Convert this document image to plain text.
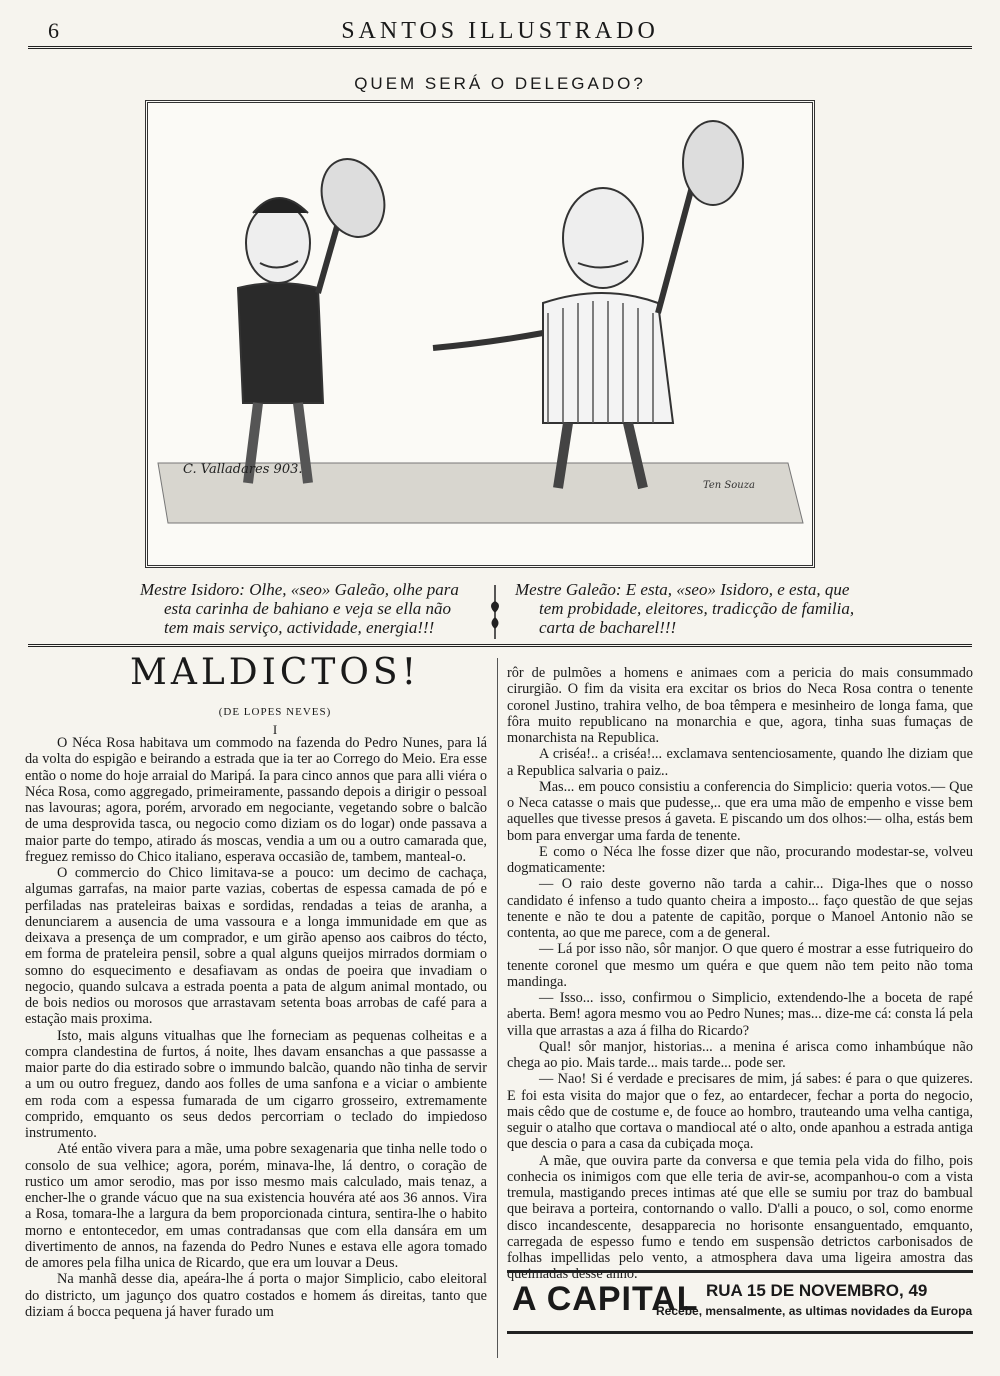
6	SANTOS ILLUSTRADO
QUEM SERÁ O DELEGADO?
C. Valladares 903.
Ten Souza
Mestre Isidoro: Olhe, «seo» Galeão, olhe para
esta carinha de bahiano e veja se ella não
tem mais serviço, actividade, energia!!!
Mestre Galeão: E esta, «seo» Isidoro, e esta, que
tem probidade, eleitores, tradicção de familia,
carta de bacharel!!!
MALDICTOS!
(DE LOPES NEVES)
I

O Néca Rosa habitava um commodo na fazenda do Pedro Nunes, para lá da volta do espigão e beirando a estrada que ia ter ao Corrego do Meio. Era esse então o nome do hoje arraial do Maripá. Ia para cinco annos que para alli viéra o Néca Rosa, como aggregado, primeiramente, passando depois a dirigir o pessoal nas lavouras; agora, porém, arvorado em negociante, vegetando sobre o balcão de uma desprovida tasca, ou negocio como diziam os do logar) onde passava a maior parte do tempo, atirado ás moscas, vendia a um ou a outro camarada que, freguez remisso do Chico italiano, esperava occasião de, tambem, manteal-o.

O commercio do Chico limitava-se a pouco: um decimo de cachaça, algumas garrafas, na maior parte vazias, cobertas de espessa camada de pó e perfiladas nas prateleiras baixas e sordidas, rendadas a teias de aranha, a denunciarem a ausencia de uma vassoura e a longa immunidade em que as deixava a presença de um comprador, e um girão apenso aos caibros do técto, em forma de prateleira pensil, sobre a qual alguns queijos mirrados dormiam o somno do esquecimento e desafiavam as ondas de poeira que invadiam o negocio, quando sulcava a estrada poenta a pata de algum animal montado, ou de bois nedios ou morosos que arrastavam setenta boas arrobas de café para a estação mais proxima.

Isto, mais alguns vitualhas que lhe forneciam as pequenas colheitas e a compra clandestina de furtos, á noite, lhes davam ensanchas a que passasse a maior parte do dia estirado sobre o immundo balcão, quando não tinha de servir a um ou outro freguez, dando aos folles de uma sanfona e a viciar o ambiente em roda com a espessa fumarada de um cigarro grosseiro, extremamente comprido, emquanto os seus dedos percorriam o teclado do impiedoso instrumento.

Até então vivera para a mãe, uma pobre sexagenaria que tinha nelle todo o consolo de sua velhice; agora, porém, minava-lhe, lá dentro, o coração de rustico um amor serodio, mas por isso mesmo mais calculado, mais tenaz, a encher-lhe o grande vácuo que na sua existencia houvéra até aos 36 annos. Vira a Rosa, tomara-lhe a largura da bem proporcionada cintura, sentira-lhe o habito morno e entontecedor, em umas contradansas que com ella dansára em um divertimento de annos, na fazenda do Pedro Nunes e estava elle agora tomado de amores pela filha unica de Ricardo, que era um louvar a Deus.

Na manhã desse dia, apeára-lhe á porta o major Simplicio, cabo eleitoral do districto, um jagunço dos quatro costados e homem ás direitas, tanto que diziam á bocca pequena já haver furado um

rôr de pulmões a homens e animaes com a pericia do mais consummado cirurgião. O fim da visita era excitar os brios do Neca Rosa contra o tenente coronel Justino, trahira velho, de boa têmpera e mesinheiro de longa fama, que fôra muito republicano na monarchia e que, agora, tinha suas fumaças de monarchista na Republica.

A criséa!.. a criséa!... exclamava sentenciosamente, quando lhe diziam que a Republica salvaria o paiz..

Mas... em pouco consistiu a conferencia do Simplicio: queria votos.— Que o Neca catasse o mais que pudesse,.. que era uma mão de empenho e visse bem aquelles que tivesse presos á gaveta. E piscando um dos olhos:— olha, estás bem bom para envergar uma farda de tenente.

E como o Néca lhe fosse dizer que não, procurando modestar-se, volveu dogmaticamente:

— O raio deste governo não tarda a cahir... Diga-lhes que o nosso candidato é infenso a tudo quanto cheira a imposto... faço questão de que sejas tenente e não te dou a patente de capitão, porque o Manoel Antonio não se contenta, ao que me parece, com a de general.

— Lá por isso não, sôr manjor. O que quero é mostrar a esse futriqueiro do tenente coronel que mesmo um quéra e que quem não tem peito não toma mandinga.

— Isso... isso, confirmou o Simplicio, extendendo-lhe a boceta de rapé aberta. Bem! agora mesmo vou ao Pedro Nunes; mas... dize-me cá: consta lá pela villa que arrastas a aza á filha do Ricardo?

Qual! sôr manjor, historias... a menina é arisca como inhambúque não chega ao pio. Mais tarde... mais tarde... pode ser.

— Nao! Si é verdade e precisares de mim, já sabes: é para o que quizeres. E foi esta visita do major que o fez, ao entardecer, fechar a porta do negocio, mais cêdo que de costume e, de fouce ao hombro, trauteando uma velha cantiga, seguir o atalho que cortava o mandiocal até o alto, onde apanhou a estrada antiga que descia o para a casa da cubiçada moça.

A mãe, que ouvira parte da conversa e que temia pela vida do filho, pois conhecia os inimigos com que elle teria de avir-se, acompanhou-o com a vista tremula, mastigando preces intimas até que elle se sumiu por traz do bambual que beirava a porteira, contornando o vallo. D'alli a pouco, o sol, como enorme disco incandescente, desapparecia no horisonte ensanguentado, emquanto, carregada de espesso fumo e tendo em suspensão detrictos carbonisados de folhas impellidas pelo vento, a atmosphera dava uma ligeira amostra das queimadas desse anno.

A CAPITAL RUA 15 DE NOVEMBRO, 49
Recebe, mensalmente, as ultimas novidades da Europa
